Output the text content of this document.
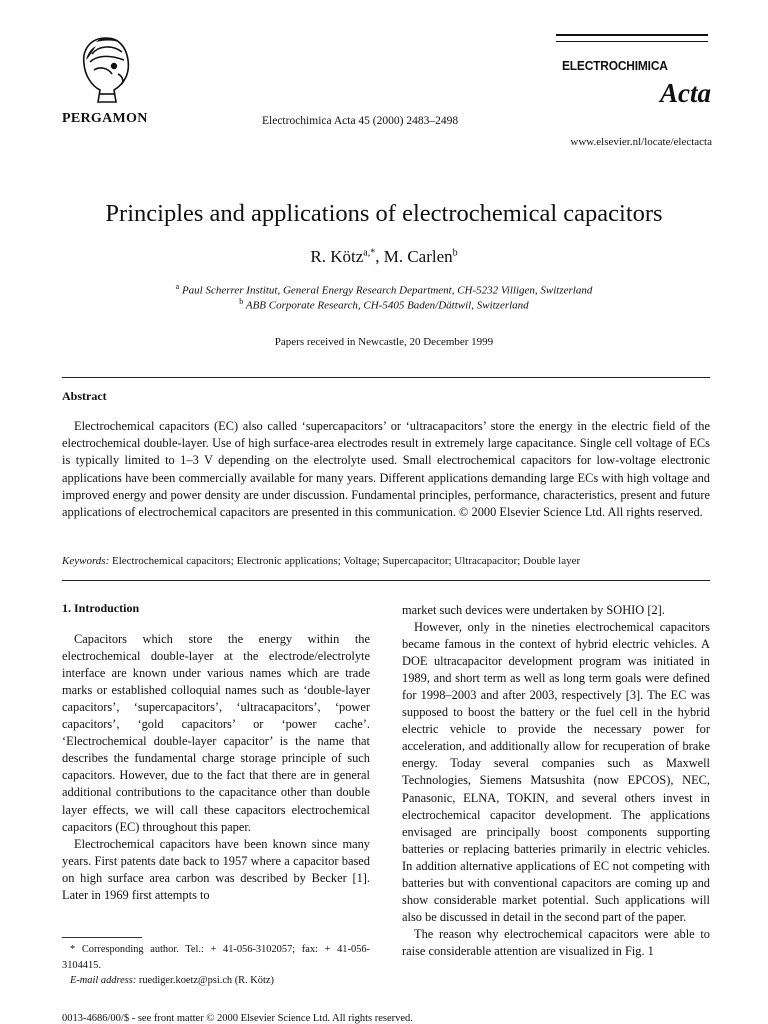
PERGAMON	Electrochimica Acta 45 (2000) 2483–2498
ELECTROCHIMICA
Acta
www.elsevier.nl/locate/electacta
Principles and applications of electrochemical capacitors
R. Kötz$^{a,*}$, M. Carlen$^b$
$^a$ Paul Scherrer Institut, General Energy Research Department, CH-5232 Villigen, Switzerland
$^b$ ABB Corporate Research, CH-5405 Baden/Dättwil, Switzerland
Papers received in Newcastle, 20 December 1999
Abstract
Electrochemical capacitors (EC) also called ‘supercapacitors’ or ‘ultracapacitors’ store the energy in the electric field of the electrochemical double-layer. Use of high surface-area electrodes result in extremely large capacitance. Single cell voltage of ECs is typically limited to 1–3 V depending on the electrolyte used. Small electrochemical capacitors for low-voltage electronic applications have been commercially available for many years. Different applications demanding large ECs with high voltage and improved energy and power density are under discussion. Fundamental principles, performance, characteristics, present and future applications of electrochemical capacitors are presented in this communication. © 2000 Elsevier Science Ltd. All rights reserved.
Keywords: Electrochemical capacitors; Electronic applications; Voltage; Supercapacitor; Ultracapacitor; Double layer

1. Introduction

Capacitors which store the energy within the electrochemical double-layer at the electrode/electrolyte interface are known under various names which are trade marks or established colloquial names such as ‘double-layer capacitors’, ‘supercapacitors’, ‘ultracapacitors’, ‘power capacitors’, ‘gold capacitors’ or ‘power cache’. ‘Electrochemical double-layer capacitor’ is the name that describes the fundamental charge storage principle of such capacitors. However, due to the fact that there are in general additional contributions to the capacitance other than double layer effects, we will call these capacitors electrochemical capacitors (EC) throughout this paper.

Electrochemical capacitors have been known since many years. First patents date back to 1957 where a capacitor based on high surface area carbon was described by Becker [1]. Later in 1969 first attempts to

market such devices were undertaken by SOHIO [2].

However, only in the nineties electrochemical capacitors became famous in the context of hybrid electric vehicles. A DOE ultracapacitor development program was initiated in 1989, and short term as well as long term goals were defined for 1998–2003 and after 2003, respectively [3]. The EC was supposed to boost the battery or the fuel cell in the hybrid electric vehicle to provide the necessary power for acceleration, and additionally allow for recuperation of brake energy. Today several companies such as Maxwell Technologies, Siemens Matsushita (now EPCOS), NEC, Panasonic, ELNA, TOKIN, and several others invest in electrochemical capacitor development. The applications envisaged are principally boost components supporting batteries or replacing batteries primarily in electric vehicles. In addition alternative applications of EC not competing with batteries but with conventional capacitors are coming up and show considerable market potential. Such applications will also be discussed in detail in the second part of the paper.

The reason why electrochemical capacitors were able to raise considerable attention are visualized in Fig. 1

* Corresponding author. Tel.: + 41-056-3102057; fax: + 41-056-3104415.

E-mail address: ruediger.koetz@psi.ch (R. Kötz)

0013-4686/00/$ - see front matter © 2000 Elsevier Science Ltd. All rights reserved.
